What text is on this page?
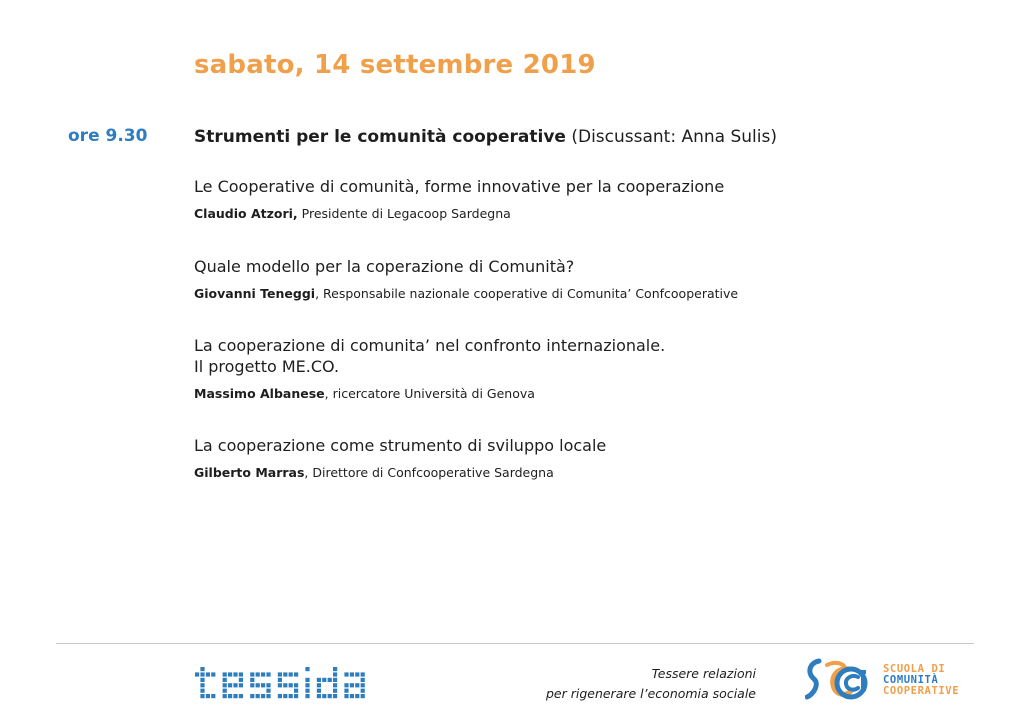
sabato, 14 settembre 2019
ore 9.30	Strumenti per le comunità cooperative (Discussant: Anna Sulis)
Le Cooperative di comunità, forme innovative per la cooperazione
Claudio Atzori, Presidente di Legacoop Sardegna
Quale modello per la coperazione di Comunità?
Giovanni Teneggi, Responsabile nazionale cooperative di Comunita’ Confcooperative
La cooperazione di comunita’ nel confronto internazionale.
Il progetto ME.CO.
Massimo Albanese, ricercatore Università di Genova
La cooperazione come strumento di sviluppo locale
Gilberto Marras, Direttore di Confcooperative Sardegna
Tessere relazioni
per rigenerare l’economia sociale
SCUOLA DI
COMUNITÀ
COOPERATIVE
